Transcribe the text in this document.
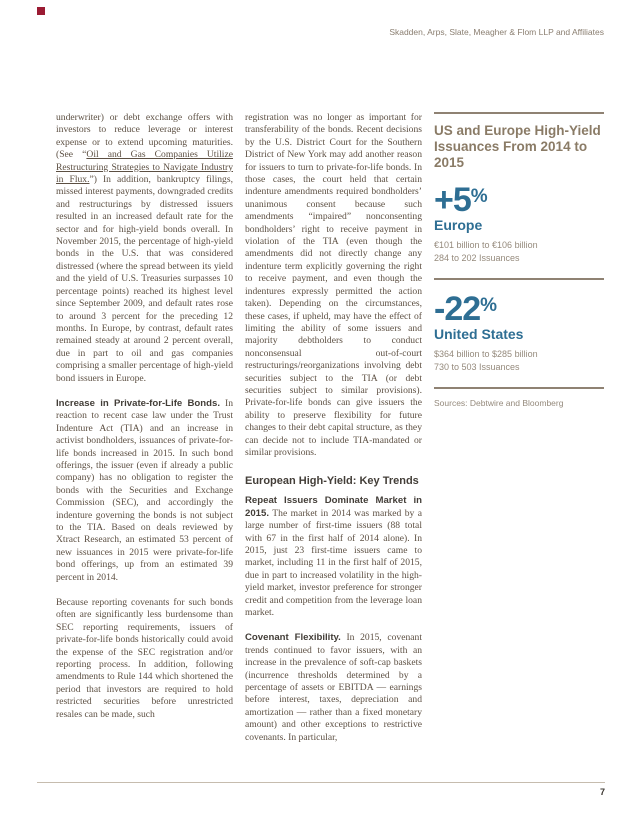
Skadden, Arps, Slate, Meagher & Flom LLP and Affiliates

underwriter) or debt exchange offers with investors to reduce leverage or interest expense or to extend upcoming maturities. (See “Oil and Gas Companies Utilize Restructuring Strategies to Navigate Industry in Flux.”) In addition, bankruptcy filings, missed interest payments, downgraded credits and restructurings by distressed issuers resulted in an increased default rate for the sector and for high-yield bonds overall. In November 2015, the percentage of high-yield bonds in the U.S. that was considered distressed (where the spread between its yield and the yield of U.S. Treasuries surpasses 10 percentage points) reached its highest level since September 2009, and default rates rose to around 3 percent for the preceding 12 months. In Europe, by contrast, default rates remained steady at around 2 percent overall, due in part to oil and gas companies comprising a smaller percentage of high-yield bond issuers in Europe.

Increase in Private-for-Life Bonds. In reaction to recent case law under the Trust Indenture Act (TIA) and an increase in activist bondholders, issuances of private-for-life bonds increased in 2015. In such bond offerings, the issuer (even if already a public company) has no obligation to register the bonds with the Securities and Exchange Commission (SEC), and accordingly the indenture governing the bonds is not subject to the TIA. Based on deals reviewed by Xtract Research, an estimated 53 percent of new issuances in 2015 were private-for-life bond offerings, up from an estimated 39 percent in 2014.

Because reporting covenants for such bonds often are significantly less burdensome than SEC reporting requirements, issuers of private-for-life bonds historically could avoid the expense of the SEC registration and/or reporting process. In addition, following amendments to Rule 144 which shortened the period that investors are required to hold restricted securities before unrestricted resales can be made, such

registration was no longer as important for transferability of the bonds. Recent decisions by the U.S. District Court for the Southern District of New York may add another reason for issuers to turn to private-for-life bonds. In those cases, the court held that certain indenture amendments required bondholders’ unanimous consent because such amendments “impaired” nonconsenting bondholders’ right to receive payment in violation of the TIA (even though the amendments did not directly change any indenture term explicitly governing the right to receive payment, and even though the indentures expressly permitted the action taken). Depending on the circumstances, these cases, if upheld, may have the effect of limiting the ability of some issuers and majority debtholders to conduct nonconsensual out-of-court restructurings/reorganizations involving debt securities subject to the TIA (or debt securities subject to similar provisions). Private-for-life bonds can give issuers the ability to preserve flexibility for future changes to their debt capital structure, as they can decide not to include TIA-mandated or similar provisions.

European High-Yield: Key Trends

Repeat Issuers Dominate Market in 2015. The market in 2014 was marked by a large number of first-time issuers (88 total with 67 in the first half of 2014 alone). In 2015, just 23 first-time issuers came to market, including 11 in the first half of 2015, due in part to increased volatility in the high-yield market, investor preference for stronger credit and competition from the leverage loan market.

Covenant Flexibility. In 2015, covenant trends continued to favor issuers, with an increase in the prevalence of soft-cap baskets (incurrence thresholds determined by a percentage of assets or EBITDA — earnings before interest, taxes, depreciation and amortization — rather than a fixed monetary amount) and other exceptions to restrictive covenants. In particular,

US and Europe High-Yield Issuances From 2014 to 2015
+5%
Europe
€101 billion to €106 billion
284 to 202 Issuances
-22%
United States
$364 billion to $285 billion
730 to 503 Issuances
Sources: Debtwire and Bloomberg
7
